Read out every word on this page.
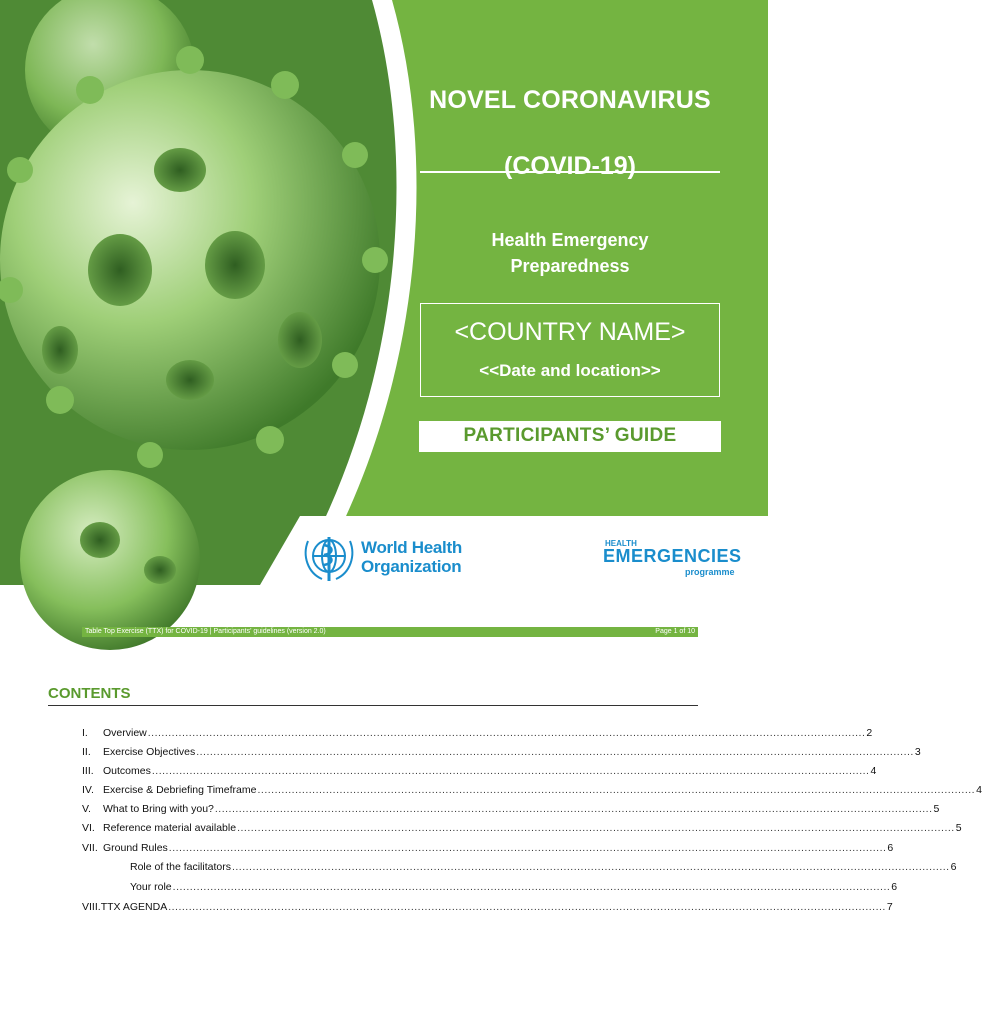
NOVEL CORONAVIRUS
(COVID-19)
Health Emergency Preparedness
<COUNTRY NAME>
<<Date and location>>
PARTICIPANTS’ GUIDE
World Health
Organization
HEALTH
EMERGENCIES
programme
Table Top Exercise (TTX) for COVID-19 | Participants' guidelines (version 2.0)	Page 1 of 10
CONTENTS
I.	Overview .................................................................................................................................................................................................................. 2
II.	Exercise Objectives .................................................................................................................................................................................................................. 3
III. Outcomes .................................................................................................................................................................................................................. 4
IV. Exercise & Debriefing Timeframe .................................................................................................................................................................................................................. 4
V.	What to Bring with you? .................................................................................................................................................................................................................. 5
VI. Reference material available .................................................................................................................................................................................................................. 5
VII. Ground Rules .................................................................................................................................................................................................................. 6
Role of the facilitators .................................................................................................................................................................................................................. 6
Your role .................................................................................................................................................................................................................. 6
VIII.TTX AGENDA .................................................................................................................................................................................................................. 7
